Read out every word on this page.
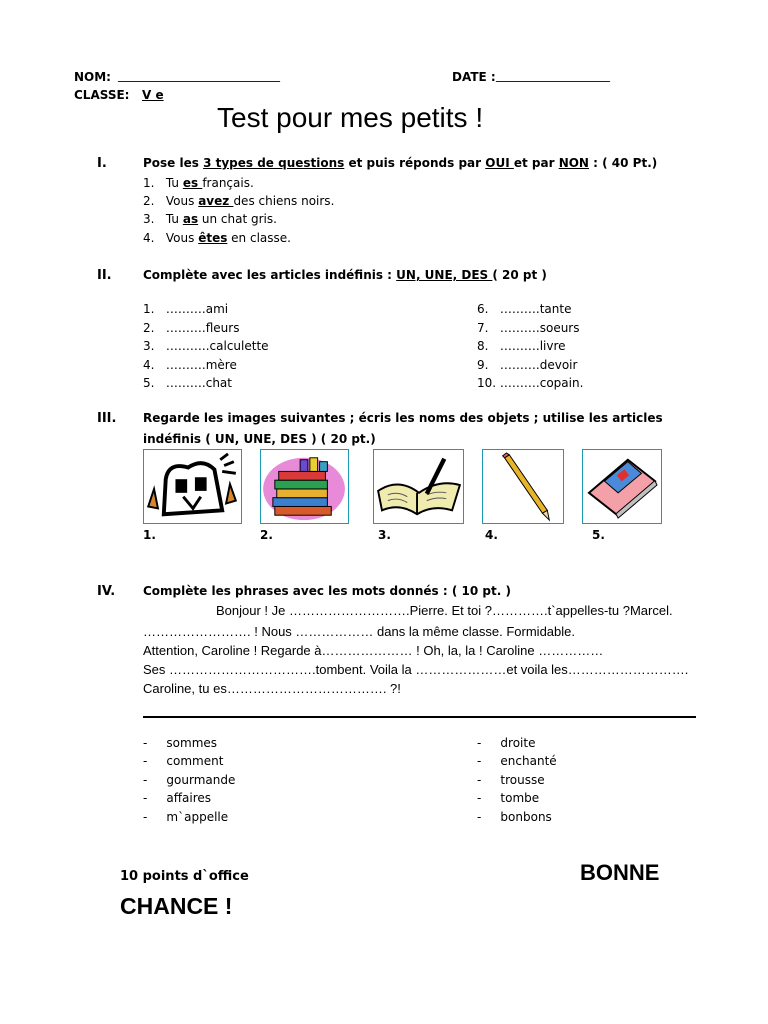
NOM: ___________________________	DATE : ___________________
CLASSE: V e
Test pour mes petits !
I.	Pose les 3 types de questions et puis réponds par OUI et par NON : ( 40 Pt.)
1. Tu es français.
2. Vous avez des chiens noirs.
3. Tu as un chat gris.
4. Vous êtes en classe.
II.	Complète avec les articles indéfinis : UN, UNE, DES ( 20 pt )
1. ……….ami
2. ……….fleurs
3. ………..calculette
4. ……….mère
5. ……….chat
6. ……….tante
7. ……….soeurs
8. ……….livre
9. ……….devoir
10. ……….copain.
III. Regarde les images suivantes ; écris les noms des objets ; utilise les articles
indéfinis ( UN, UNE, DES ) ( 20 pt.)
1.	2.	3.	4.	5.
IV. Complète les phrases avec les mots donnés : ( 10 pt. )
Bonjour ! Je ……………………….Pierre. Et toi ?………….t`appelles-tu ?Marcel.
……………………. ! Nous ……………… dans la même classe. Formidable.
Attention, Caroline ! Regarde à………………… ! Oh, la, la ! Caroline ……………
Ses …………………………….tombent. Voila la …………………et voila les……………………….
Caroline, tu es………………………………. ?!
- sommes
- comment
- gourmande
- affaires
- m`appelle
- droite
- enchanté
- trousse
- tombe
- bonbons
10 points d`office	BONNE
CHANCE !
